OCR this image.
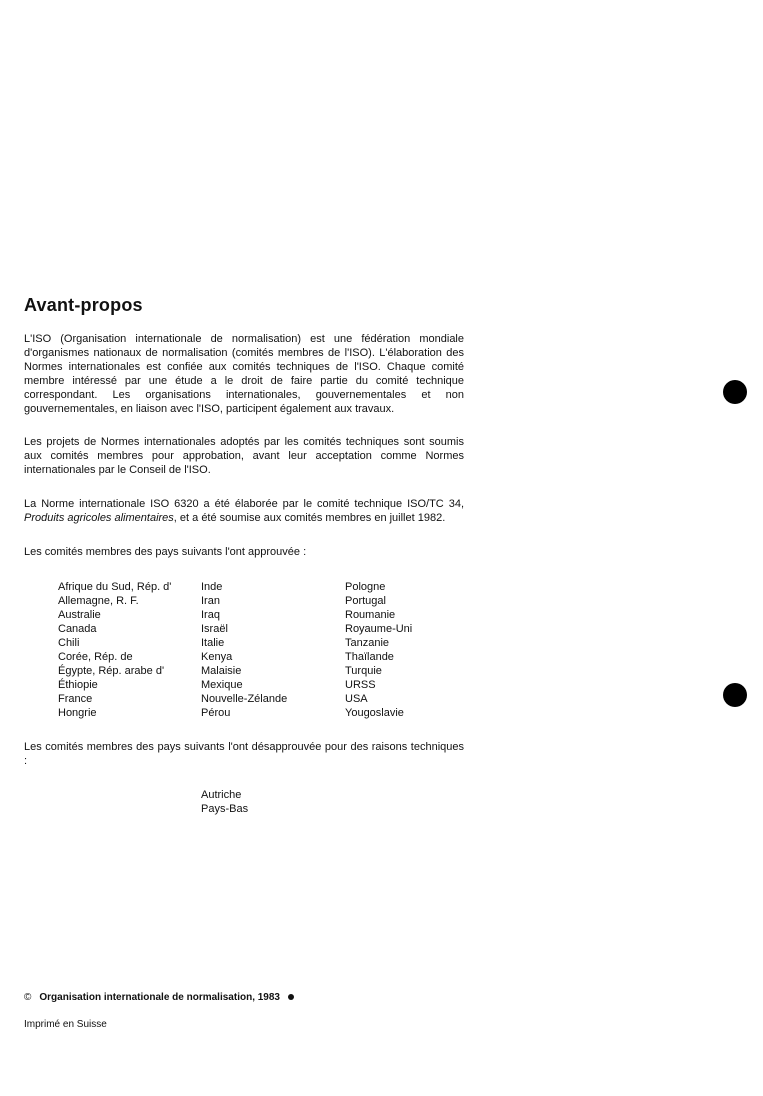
Avant-propos

L'ISO (Organisation internationale de normalisation) est une fédération mondiale d'organismes nationaux de normalisation (comités membres de l'ISO). L'élaboration des Normes internationales est confiée aux comités techniques de l'ISO. Chaque comité membre intéressé par une étude a le droit de faire partie du comité technique correspondant. Les organisations internationales, gouvernementales et non gouvernementales, en liaison avec l'ISO, participent également aux travaux.

Les projets de Normes internationales adoptés par les comités techniques sont soumis aux comités membres pour approbation, avant leur acceptation comme Normes internationales par le Conseil de l'ISO.

La Norme internationale ISO 6320 a été élaborée par le comité technique ISO/TC 34, Produits agricoles alimentaires, et a été soumise aux comités membres en juillet 1982.

Les comités membres des pays suivants l'ont approuvée :

Afrique du Sud, Rép. d'
Allemagne, R. F.
Australie
Canada
Chili
Corée, Rép. de
Égypte, Rép. arabe d'
Éthiopie
France
Hongrie
Inde
Iran
Iraq
Israël
Italie
Kenya
Malaisie
Mexique
Nouvelle-Zélande
Pérou
Pologne
Portugal
Roumanie
Royaume-Uni
Tanzanie
Thaïlande
Turquie
URSS
USA
Yougoslavie

Les comités membres des pays suivants l'ont désapprouvée pour des raisons techniques :

Autriche
Pays-Bas
© Organisation internationale de normalisation, 1983
Imprimé en Suisse
